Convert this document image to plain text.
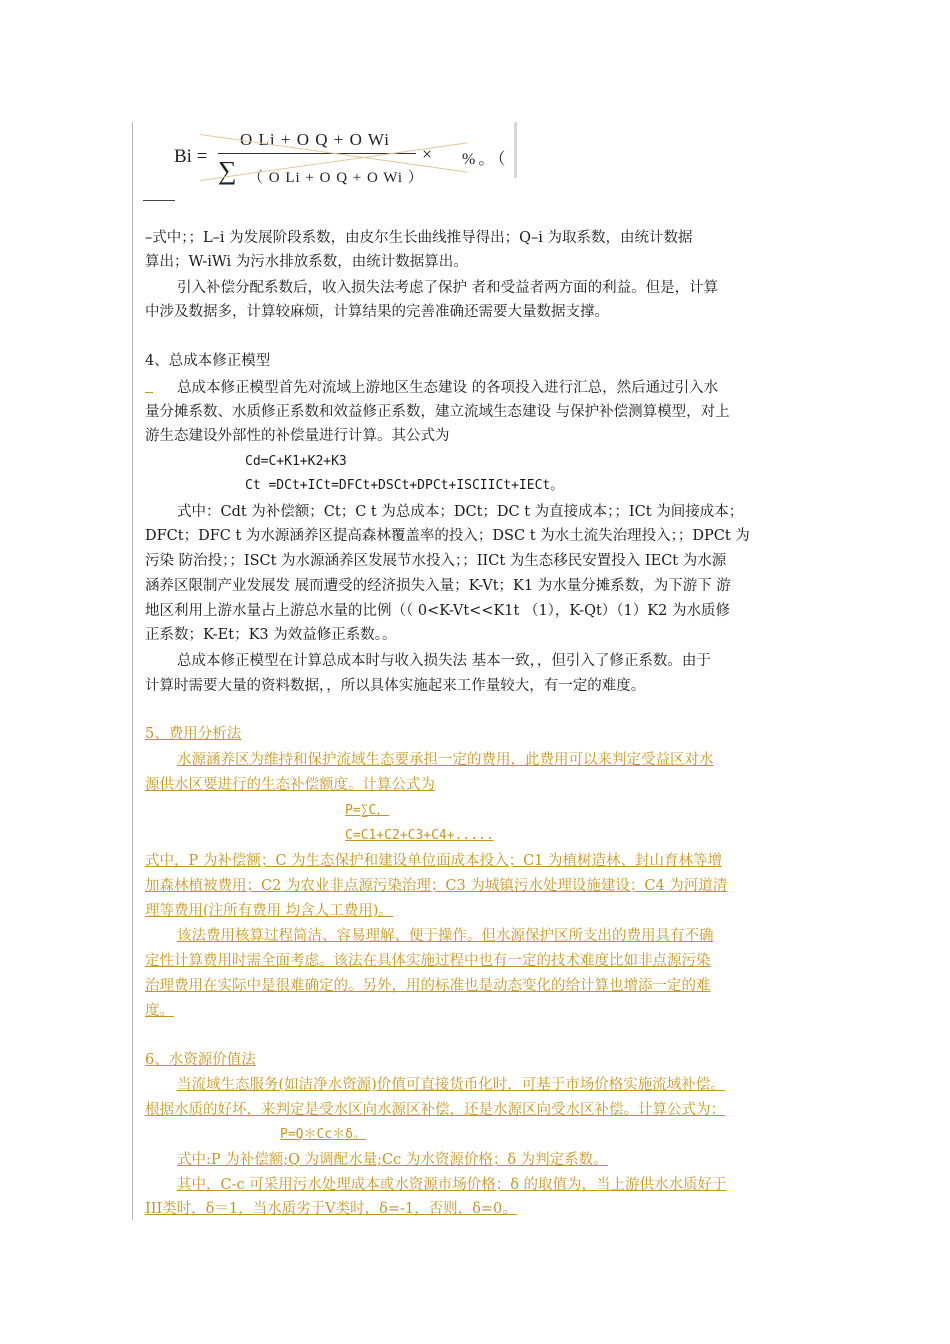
Bi =
O Li + O Q + O Wi
∑ （ O Li + O Q + O Wi ）
× %。（
–式中；；L–i 为发展阶段系数，由皮尔生长曲线推导得出；Q–i 为取系数，由统计数据
算出；W-iWi 为污水排放系数，由统计数据算出。
引入补偿分配系数后，收入损失法考虑了保护 者和受益者两方面的利益。但是，计算
中涉及数据多，计算较麻烦，计算结果的完善准确还需要大量数据支撑。
4、总成本修正模型
总成本修正模型首先对流域上游地区生态建设 的各项投入进行汇总，然后通过引入水
量分摊系数、水质修正系数和效益修正系数，建立流域生态建设 与保护补偿测算模型，对上
游生态建设外部性的补偿量进行计算。其公式为
Cd=C+K1+K2+K3
Ct =DCt+ICt=DFCt+DSCt+DPCt+ISCIICt+IECt。
式中：Cdt 为补偿额；Ct；C t 为总成本；DCt；DC t 为直接成本；；ICt 为间接成本；
DFCt；DFC t 为水源涵养区提高森林覆盖率的投入；DSC t 为水土流失治理投入；；DPCt 为
污染 防治投；；ISCt 为水源涵养区发展节水投入；；IICt 为生态移民安置投入 IECt 为水源
涵养区限制产业发展发 展而遭受的经济损失入量；K-Vt；K1 为水量分摊系数，为下游下 游
地区利用上游水量占上游总水量的比例（（ 0<K-Vt<<K1t （1），K-Qt）（1）K2 为水质修
正系数；K-Et；K3 为效益修正系数。。
总成本修正模型在计算总成本时与收入损失法 基本一致，，但引入了修正系数。由于
计算时需要大量的资料数据，，所以具体实施起来工作量较大，有一定的难度。
5、费用分析法
水源涵养区为维持和保护流域生态要承担一定的费用，此费用可以来判定受益区对水
源供水区要进行的生态补偿额度。计算公式为
P=∑C，
C=C1+C2+C3+C4+.....
式中，P 为补偿额；C 为生态保护和建设单位面成本投入；C1 为植树造林、封山育林等增
加森林植被费用；C2 为农业非点源污染治理；C3 为城镇污水处理设施建设；C4 为河道清
理等费用(注所有费用 均含人工费用)。
该法费用核算过程简洁、容易理解、便于操作。但水源保护区所支出的费用具有不确
定性计算费用时需全面考虑。该法在具体实施过程中也有一定的技术难度比如非点源污染
治理费用在实际中是很难确定的。另外，用的标准也是动态变化的给计算也增添一定的难
度。
6、水资源价值法
当流域生态服务(如洁净水资源)价值可直接货币化时，可基于市场价格实施流域补偿。
根据水质的好坏，来判定是受水区向水源区补偿，还是水源区向受水区补偿。计算公式为：
P=Q＊Cc＊δ。
式中:P 为补偿额;Q 为调配水量;Cc 为水资源价格；δ 为判定系数。
其中，C-c 可采用污水处理成本或水资源市场价格；δ 的取值为，当上游供水水质好于
III类时，δ＝1，当水质劣于Ⅴ类时，δ=-1，否则，δ=0。
